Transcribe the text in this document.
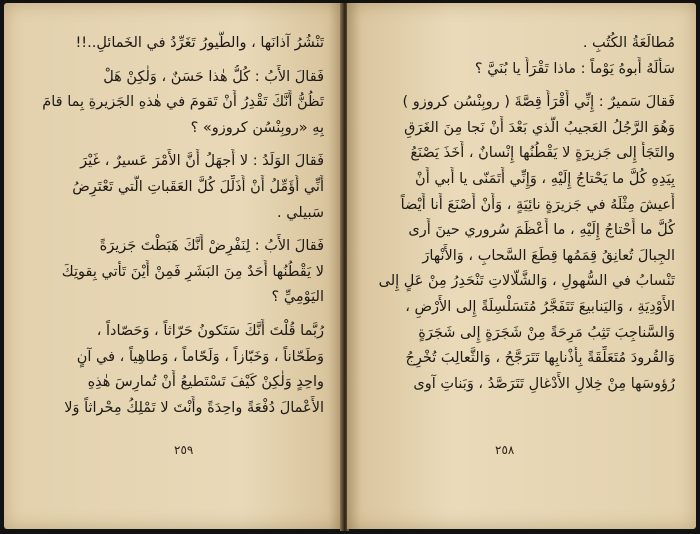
تَنْشُرُ آذانَها ، والطُّيورُ تَغَرِّدُ في الخَمائلِ..!!
فَقالَ الأَبُ : كُلُّ هٰذا حَسَنٌ ، وَلٰكِنْ هَلْ
تَظُنُّ أَنَّكَ تَقْدِرُ أَنْ تَقومَ في هٰذهِ الجَزيرةِ بِما قامَ
بِهِ «روبِنْسُن كروزو» ؟
فَقالَ الوَلَدُ : لا أَجهَلُ أَنَّ الأَمْرَ عَسيرٌ ، غَيْرَ
أَنِّي أُؤَمِّلُ أَنْ أُذَلِّلَ كُلَّ العَقَباتِ الَّتي تَعْتَرِضُ
سَبيلي .
فَقالَ الأَبُ : لِنَفْرِضْ أَنَّكَ هَبَطْتَ جَزيرَةً
لا يَقْطُنُها أَحَدٌ مِنَ البَشَرِ فَمِنْ أَيْنَ تَأْتي بِقوتِكَ
اليَوْمِيِّ ؟
رُبَّما قُلْتَ أَنَّكَ سَتَكونُ حَرّاثاً ، وَحَصّاداً ،
وَطَحّاناً ، وَخَبّازاً ، وَلَحّاماً ، وَطاهِياً ، في آنٍ
واحِدٍ وَلٰكِنْ كَيْفَ تَسْتَطيعُ أَنْ تُمارِسَ هٰذِهِ
الأَعْمالَ دُفْعَةً واحِدَةً وأَنْتَ لا تَمْلِكُ مِحْراثاً وَلا
٢٥٩
مُطالَعَةُ الكُتُبِ .
سَأَلَهُ أَبوهُ يَوْماً : ماذا تَقْرَأُ يا بُنَيَّ ؟
فَقالَ سَميرٌ : إِنِّي أَقْرَأُ قِصَّةَ ( روبِنْسُن كروزو )
وَهُوَ الرَّجُلُ العَجيبُ الَّذي بَعْدَ أَنْ نَجا مِنَ الغَرَقِ
والتَجَأَ إِلى جَزيرَةٍ لا يَقْطُنُها إِنْسانٌ ، أَخَذَ يَصْنَعُ
بِيَدِهِ كُلَّ ما يَحْتاجُ إِلَيْهِ ، وَإِنِّي أَتَمَنّى يا أَبي أَنْ
أَعيشَ مِثْلَهُ في جَزيرَةٍ نائِيَةٍ ، وَأَنْ أَصْنَعَ أَنا أَيْضاً
كُلَّ ما أَحْتاجُ إِلَيْهِ ، ما أَعْظَمَ سُروري حينَ أَرى
الجِبالَ تُعانِقُ قِمَمُها قِطَعَ السَّحابِ ، وَالأَنْهارَ
تَنْسابُ في السُّهولِ ، وَالشَّلّالاتِ تَنْحَدِرُ مِنْ عَلٍ إِلى
الأَوْدِيَةِ ، وَاليَنابيعَ تَتَفَجَّرُ مُتَسَلْسِلَةً إِلى الأَرْضِ ،
وَالسَّناجِبَ تَثِبُ مَرِحَةً مِنْ شَجَرَةٍ إِلى شَجَرَةٍ
وَالقُرودَ مُتَعَلِّقَةً بِأَذْنابِها تَتَرَجَّحُ ، وَالثَّعالِبَ تُخْرِجُ
رُؤوسَها مِنْ خِلالِ الأَدْغالِ تَتَرَصَّدُ ، وَبَناتِ آوى
٢٥٨
